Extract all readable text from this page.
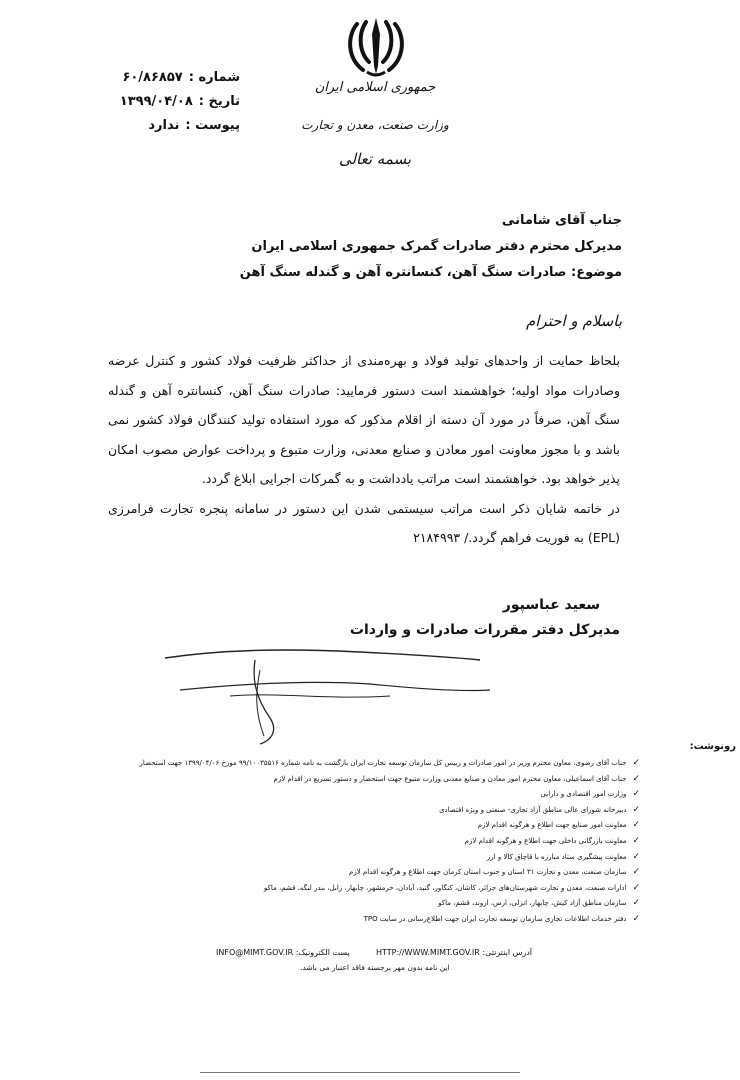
جمهوری اسلامی ایران
وزارت صنعت، معدن و تجارت
بسمه تعالی
شماره :
۶۰/۸۶۸۵۷
تاریخ :
۱۳۹۹/۰۴/۰۸
پیوست :
ندارد
جناب آقای شامانی
مدیرکل محترم دفتر صادرات گمرک جمهوری اسلامی ایران
موضوع: صادرات سنگ آهن، کنسانتره آهن و گندله سنگ آهن
باسلام و احترام

بلحاظ حمایت از واحدهای تولید فولاد و بهره‌مندی از حداکثر ظرفیت فولاد کشور و کنترل عرضه وصادرات مواد اولیه؛ خواهشمند است دستور فرمایید: صادرات سنگ آهن، کنسانتره آهن و گندله سنگ آهن، صرفاً در مورد آن دسته از اقلام مذکور که مورد استفاده تولید کنندگان فولاد کشور نمی باشد و با مجوز معاونت امور معادن و صنایع معدنی، وزارت متبوع و پرداخت عوارض مصوب امکان پذیر خواهد بود. خواهشمند است مراتب یادداشت و به گمرکات اجرایی ابلاغ گردد.

در خاتمه شایان ذکر است مراتب سیستمی شدن این دستور در سامانه پنجره تجارت فرامرزی (EPL) به فوریت فراهم گردد./ ۲۱۸۴۹۹۳

سعید عباسپور
مدیرکل دفتر مقررات صادرات و واردات
رونوشت:
✓
جناب آقای رضوی، معاون محترم وزیر در امور صادرات و رییس کل سازمان توسعه تجارت ایران بازگشت به نامه شماره ۹۹/۱۰۰۳۵۵۱۶ مورخ ۱۳۹۹/۰۴/۰۶ جهت استحضار
✓
جناب آقای اسماعیلی، معاون محترم امور معادن و صنایع معدنی وزارت متبوع جهت استحضار و دستور تسریع در اقدام لازم
✓
وزارت امور اقتصادی و دارایی
✓
دبیرخانه شورای عالی مناطق آزاد تجاری- صنعتی و ویژه اقتصادی
✓
معاونت امور صنایع جهت اطلاع و هرگونه اقدام لازم
✓
معاونت بازرگانی داخلی جهت اطلاع و هرگونه اقدام لازم
✓
معاونت پیشگیری ستاد مبارزه با قاچاق کالا و ارز
✓
سازمان صنعت، معدن و تجارت ۳۱ استان و جنوب استان کرمان جهت اطلاع و هرگونه اقدام لازم
✓
ادارات صنعت، معدن و تجارت شهرستان‌های جزائر، کاشان، کنگاور، گنبد، آبادان، خرمشهر، چابهار، زابل، بندر لنگه، قشم، ماکو
✓
سازمان مناطق آزاد کیش، چابهار، انزلی، ارس، اروند، قشم، ماکو
✓
دفتر خدمات اطلاعات تجاری سازمان توسعه تجارت ایران جهت اطلاع‌رسانی در سایت TPO
آدرس اینترنتی: HTTP://WWW.MIMT.GOV.IR
پست الکترونیک: INFO@MIMT.GOV.IR
این نامه بدون مهر برجسته فاقد اعتبار می باشد.
